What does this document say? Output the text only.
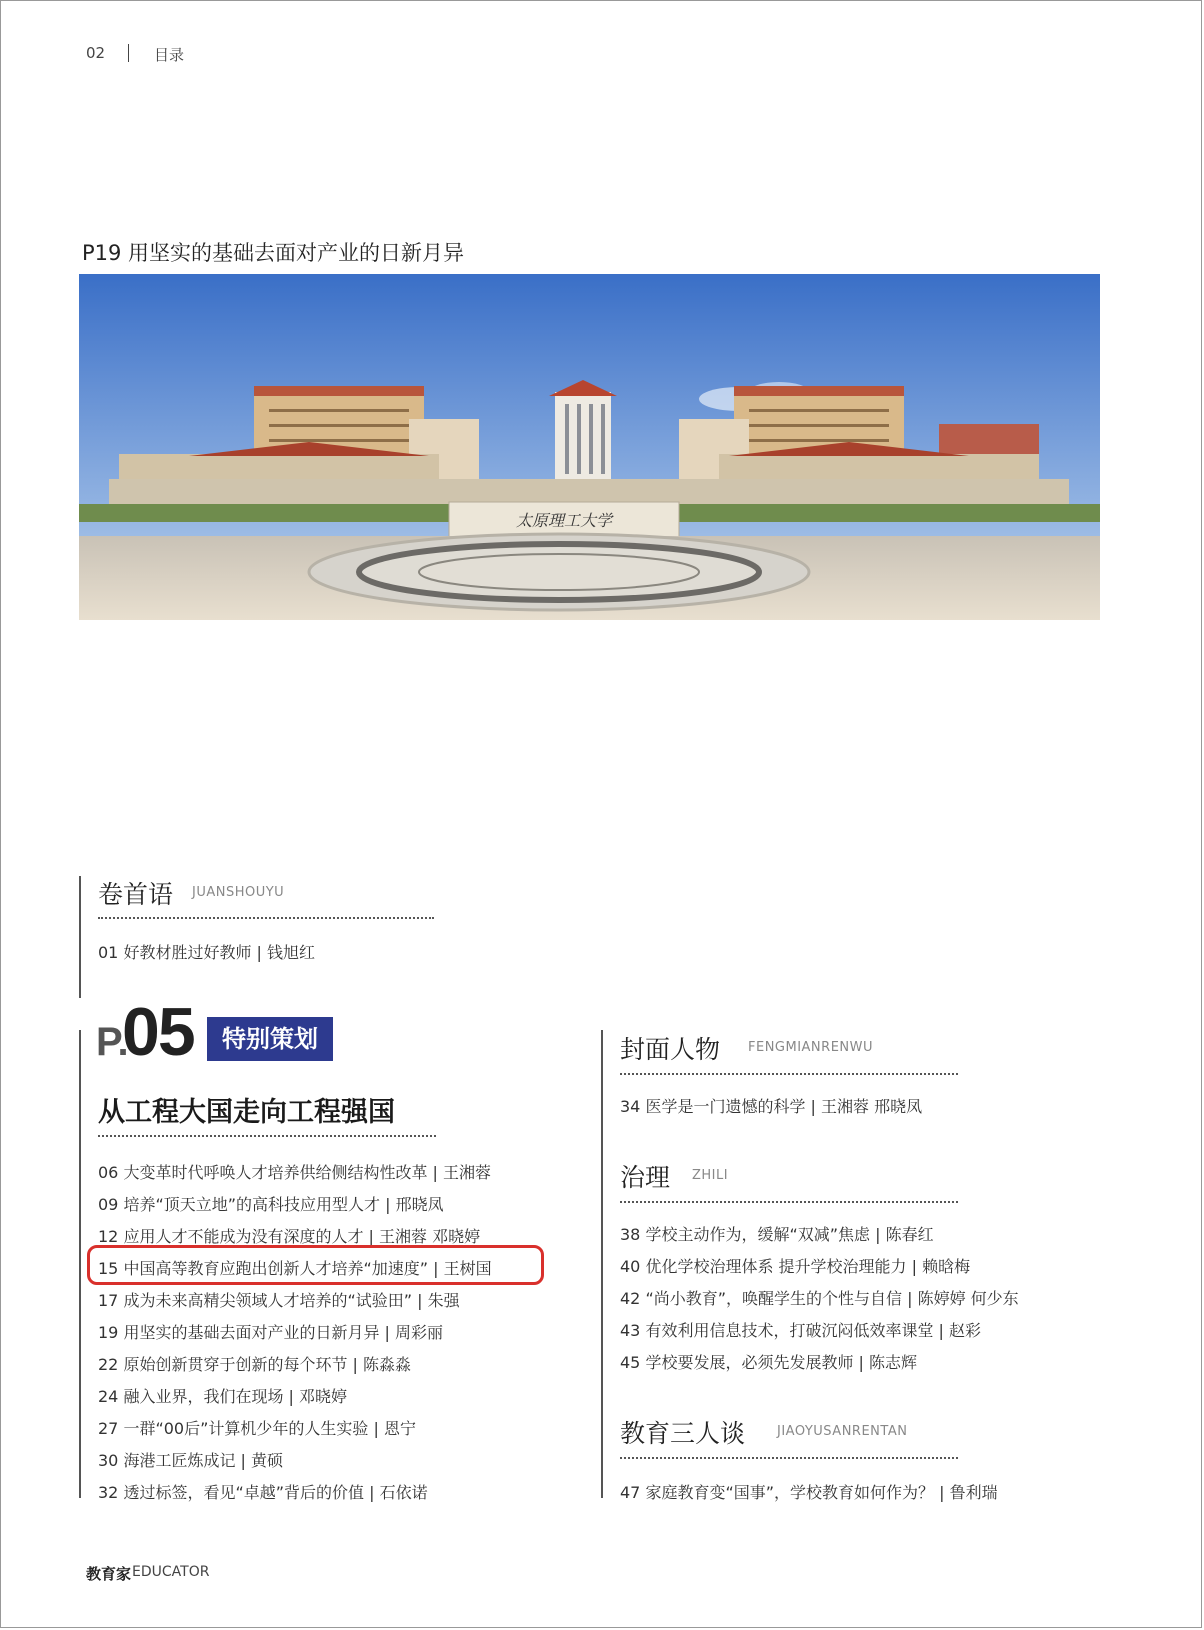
02	目录
P19 用坚实的基础去面对产业的日新月异
太原理工大学
卷首语 JUANSHOUYU
01 好教材胜过好教师 | 钱旭红
P.
05	特别策划
从工程大国走向工程强国
06 大变革时代呼唤人才培养供给侧结构性改革 | 王湘蓉
09 培养“顶天立地”的高科技应用型人才 | 邢晓凤
12 应用人才不能成为没有深度的人才 | 王湘蓉 邓晓婷
15 中国高等教育应跑出创新人才培养“加速度” | 王树国
17 成为未来高精尖领域人才培养的“试验田” | 朱强
19 用坚实的基础去面对产业的日新月异 | 周彩丽
22 原始创新贯穿于创新的每个环节 | 陈淼淼
24 融入业界，我们在现场 | 邓晓婷
27 一群“00后”计算机少年的人生实验 | 恩宁
30 海港工匠炼成记 | 黄硕
32 透过标签，看见“卓越”背后的价值 | 石依诺
封面人物 FENGMIANRENWU
34 医学是一门遗憾的科学 | 王湘蓉 邢晓凤
治理 ZHILI
38 学校主动作为，缓解“双减”焦虑 | 陈春红
40 优化学校治理体系 提升学校治理能力 | 赖晗梅
42 “尚小教育”，唤醒学生的个性与自信 | 陈婷婷 何少东
43 有效利用信息技术，打破沉闷低效率课堂 | 赵彩
45 学校要发展，必须先发展教师 | 陈志辉
教育三人谈 JIAOYUSANRENTAN
47 家庭教育变“国事”，学校教育如何作为？ | 鲁利瑞
教育家 EDUCATOR
